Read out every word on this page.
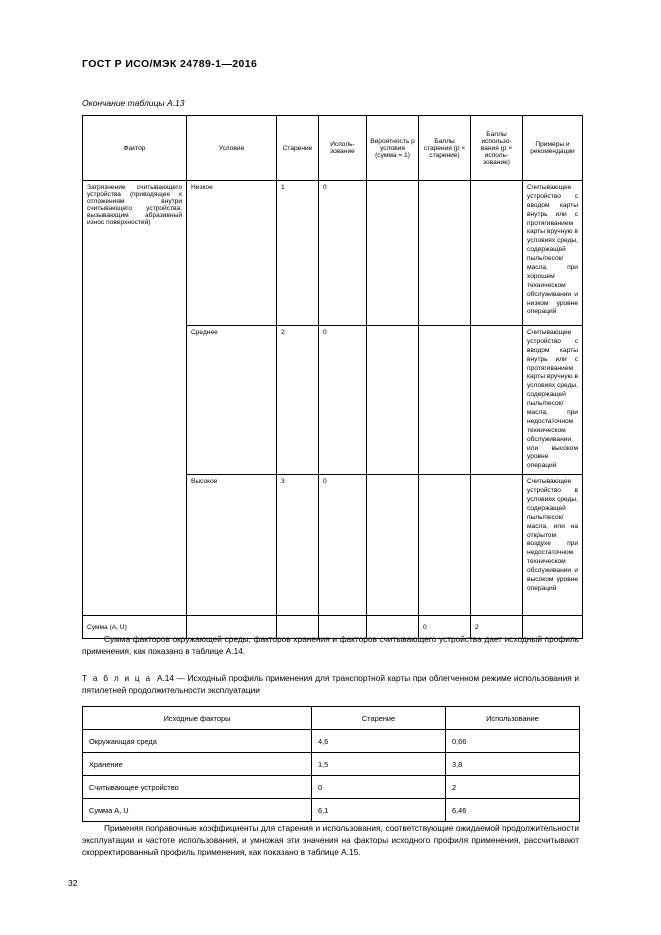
ГОСТ Р ИСО/МЭК 24789-1—2016
Окончание таблицы А.13
Фактор	Условие	Старение	Использование	Вероятность p условия (сумма = 1)	Баллы старения (p × старение)	Баллы использования (p × использование)	Примеры и рекомендации
Загрязнение считывающего устройства (приводящее к отложениям внутри считывающего устройства, вызывающим абразивный износ поверхностей)	Низкое	1	0				Считывающее устройство с вводом карты внутрь или с протягиванием карты вручную в условиях среды, содержащей пыль/песок/масла, при хорошем техническом обслуживании и низком уровне операций
	Среднее	2	0				Считывающее устройство с вводом карты внутрь или с протягиванием карты вручную в условиях среды, содержащей пыль/песок/масла, при недостаточном техническом обслуживании или высоком уровне операций
	Высокое	3	0				Считывающее устройство в условиях среды, содержащей пыль/песок/масла, или на открытом воздухе при недостаточном техническом обслуживании и высоком уровне операций
Сумма (A, U)					0	2	
Сумма факторов окружающей среды, факторов хранения и факторов считывающего устройства дает исходный профиль применения, как показано в таблице А.14.
Т а б л и ц а А.14 — Исходный профиль применения для транспортной карты при облегченном режиме использования и пятилетней продолжительности эксплуатации
Исходные факторы	Старение	Использование
Окружающая среда	4,6	0,66
Хранение	1,5	3,8
Считывающее устройство	0	2
Сумма A, U	6,1	6,46
Применяя поправочные коэффициенты для старения и использования, соответствующие ожидаемой продолжительности эксплуатации и частоте использования, и умножая эти значения на факторы исходного профиля применения, рассчитывают скорректированный профиль применения, как показано в таблице А.15.
32
